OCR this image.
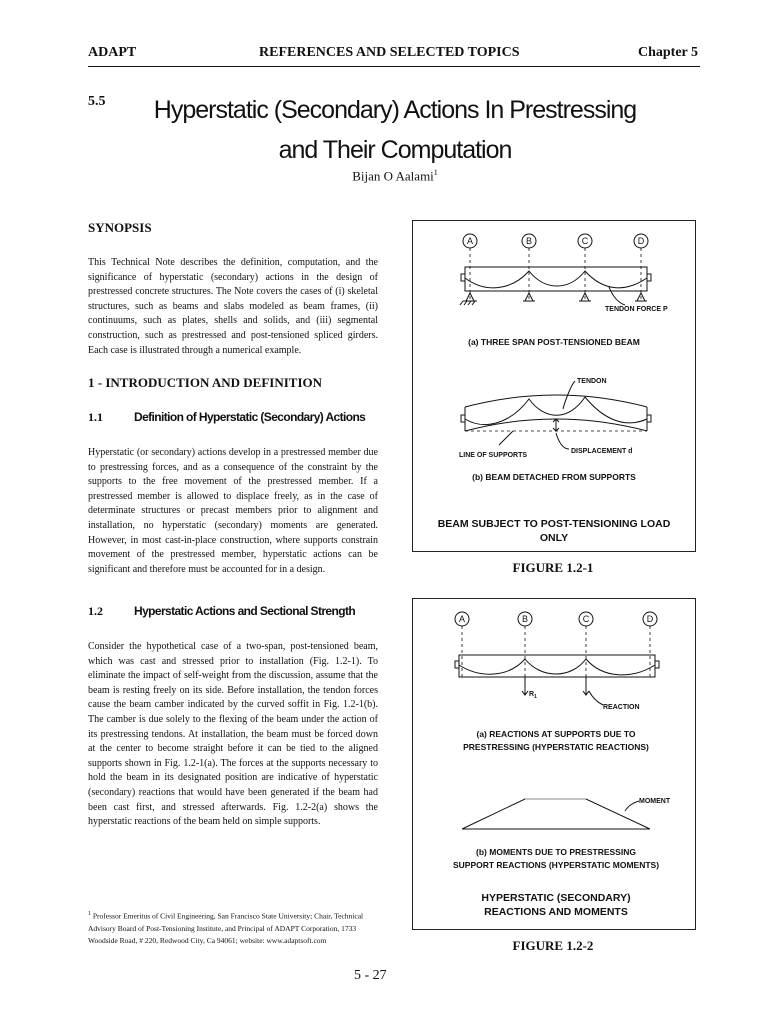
ADAPT	REFERENCES AND SELECTED TOPICS	Chapter 5
5.5	Hyperstatic (Secondary) Actions In Prestressing
and Their Computation
Bijan O Aalami$^1$
SYNOPSIS
This Technical Note describes the definition, computation, and the significance of hyperstatic (secondary) actions in the design of prestressed concrete structures. The Note covers the cases of (i) skeletal structures, such as beams and slabs modeled as beam frames, (ii) continuums, such as plates, shells and solids, and (iii) segmental construction, such as prestressed and post-tensioned spliced girders. Each case is illustrated through a numerical example.
1 - INTRODUCTION AND DEFINITION
1.1	Definition of Hyperstatic (Secondary) Actions
Hyperstatic (or secondary) actions develop in a prestressed member due to prestressing forces, and as a consequence of the constraint by the supports to the free movement of the prestressed member. If a prestressed member is allowed to displace freely, as in the case of determinate structures or precast members prior to alignment and installation, no hyperstatic (secondary) moments are generated. However, in most cast-in-place construction, where supports constrain movement of the prestressed member, hyperstatic actions can be significant and therefore must be accounted for in a design.
1.2	Hyperstatic Actions and Sectional Strength
Consider the hypothetical case of a two-span, post-tensioned beam, which was cast and stressed prior to installation (Fig. 1.2-1). To eliminate the impact of self-weight from the discussion, assume that the beam is resting freely on its side. Before installation, the tendon forces cause the beam camber indicated by the curved soffit in Fig. 1.2-1(b). The camber is due solely to the flexing of the beam under the action of its prestressing tendons. At installation, the beam must be forced down at the center to become straight before it can be tied to the aligned supports shown in Fig. 1.2-1(a). The forces at the supports necessary to hold the beam in its designated position are indicative of hyperstatic (secondary) reactions that would have been generated if the beam had been cast first, and stressed afterwards. Fig. 1.2-2(a) shows the hyperstatic reactions of the beam held on simple supports.
$^1$ Professor Emeritus of Civil Engineering, San Francisco State University; Chair, Technical Advisory Board of Post-Tensioning Institute, and Principal of ADAPT Corporation, 1733 Woodside Road, # 220, Redwood City, Ca 94061; website: www.adaptsoft.com
A	B	C	D
TENDON FORCE P
(a) THREE SPAN POST-TENSIONED BEAM
TENDON
LINE OF SUPPORTS
DISPLACEMENT d
(b) BEAM DETACHED FROM SUPPORTS
BEAM SUBJECT TO POST-TENSIONING LOAD
ONLY
FIGURE 1.2-1
A	B	C	D
$R_1$
REACTION
(a) REACTIONS AT SUPPORTS DUE TO
PRESTRESSING (HYPERSTATIC REACTIONS)
MOMENT
(b) MOMENTS DUE TO PRESTRESSING
SUPPORT REACTIONS (HYPERSTATIC MOMENTS)
HYPERSTATIC (SECONDARY)
REACTIONS AND MOMENTS
FIGURE 1.2-2
5 - 27
